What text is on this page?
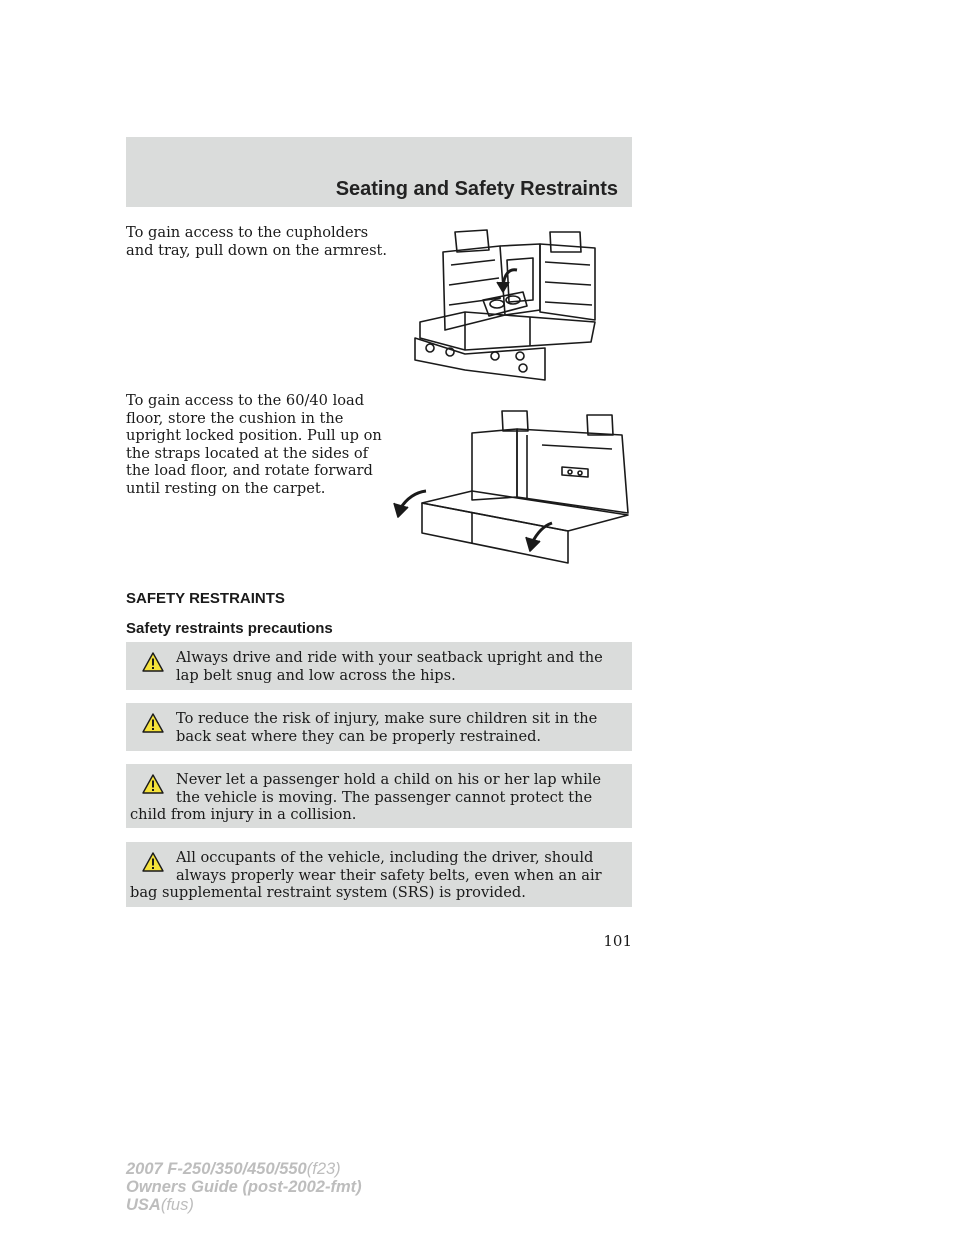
Seating and Safety Restraints

To gain access to the cupholders and tray, pull down on the armrest.

To gain access to the 60/40 load floor, store the cushion in the upright locked position. Pull up on the straps located at the sides of the load floor, and rotate forward until resting on the carpet.

SAFETY RESTRAINTS
Safety restraints precautions
Always drive and ride with your seatback upright and the lap belt snug and low across the hips.
To reduce the risk of injury, make sure children sit in the back seat where they can be properly restrained.
Never let a passenger hold a child on his or her lap while the vehicle is moving. The passenger cannot protect the child from injury in a collision.
All occupants of the vehicle, including the driver, should always properly wear their safety belts, even when an air bag supplemental restraint system (SRS) is provided.
101
2007 F-250/350/450/550(f23)
Owners Guide (post-2002-fmt)
USA(fus)
